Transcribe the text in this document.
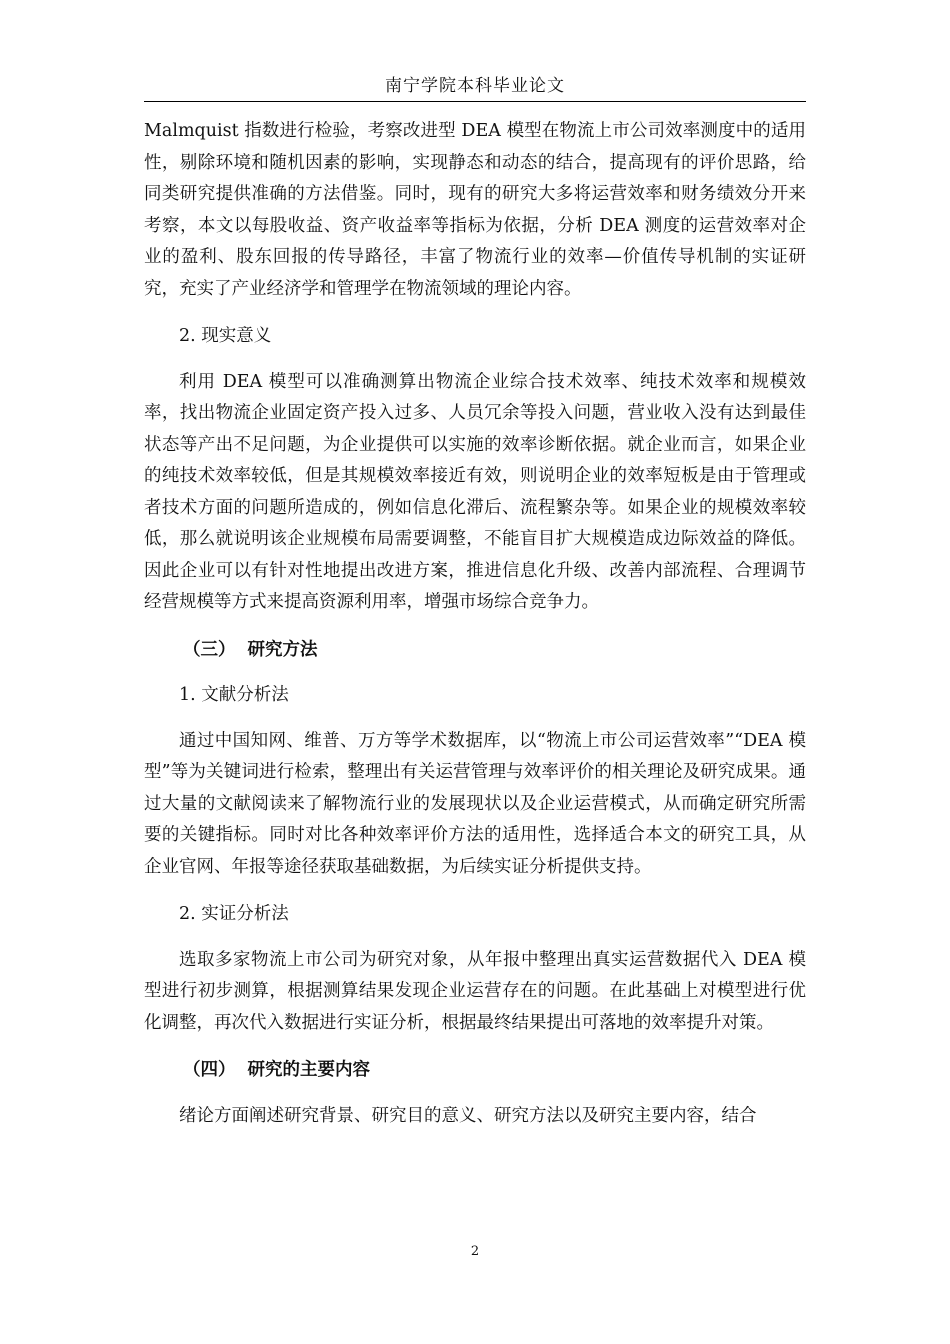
南宁学院本科毕业论文

Malmquist 指数进行检验，考察改进型 DEA 模型在物流上市公司效率测度中的适用性，剔除环境和随机因素的影响，实现静态和动态的结合，提高现有的评价思路，给同类研究提供准确的方法借鉴。同时，现有的研究大多将运营效率和财务绩效分开来考察，本文以每股收益、资产收益率等指标为依据，分析 DEA 测度的运营效率对企业的盈利、股东回报的传导路径，丰富了物流行业的效率—价值传导机制的实证研究，充实了产业经济学和管理学在物流领域的理论内容。

2. 现实意义

利用 DEA 模型可以准确测算出物流企业综合技术效率、纯技术效率和规模效率，找出物流企业固定资产投入过多、人员冗余等投入问题，营业收入没有达到最佳状态等产出不足问题，为企业提供可以实施的效率诊断依据。就企业而言，如果企业的纯技术效率较低，但是其规模效率接近有效，则说明企业的效率短板是由于管理或者技术方面的问题所造成的，例如信息化滞后、流程繁杂等。如果企业的规模效率较低，那么就说明该企业规模布局需要调整，不能盲目扩大规模造成边际效益的降低。因此企业可以有针对性地提出改进方案，推进信息化升级、改善内部流程、合理调节经营规模等方式来提高资源利用率，增强市场综合竞争力。

（三） 研究方法
1. 文献分析法

通过中国知网、维普、万方等学术数据库，以“物流上市公司运营效率”“DEA 模型”等为关键词进行检索，整理出有关运营管理与效率评价的相关理论及研究成果。通过大量的文献阅读来了解物流行业的发展现状以及企业运营模式，从而确定研究所需要的关键指标。同时对比各种效率评价方法的适用性，选择适合本文的研究工具，从企业官网、年报等途径获取基础数据，为后续实证分析提供支持。

2. 实证分析法

选取多家物流上市公司为研究对象，从年报中整理出真实运营数据代入 DEA 模型进行初步测算，根据测算结果发现企业运营存在的问题。在此基础上对模型进行优化调整，再次代入数据进行实证分析，根据最终结果提出可落地的效率提升对策。

（四） 研究的主要内容

绪论方面阐述研究背景、研究目的意义、研究方法以及研究主要内容，结合

2
